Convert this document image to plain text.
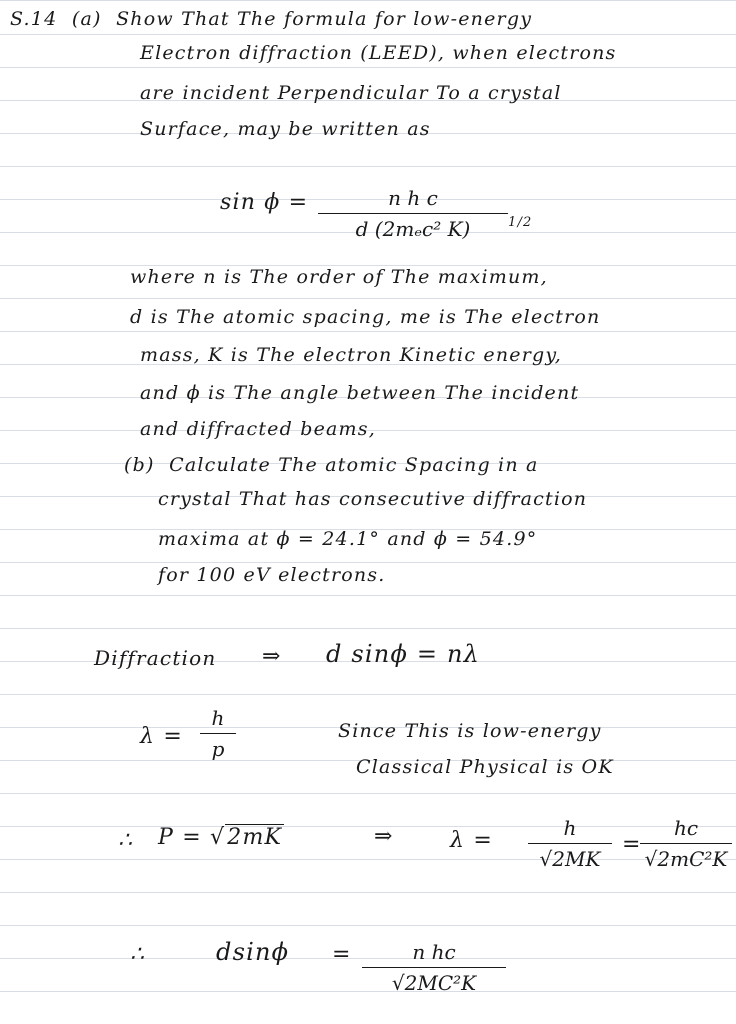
S.14 (a) Show That The formula for low-energy
Electron diffraction (LEED), when electrons
are incident Perpendicular To a crystal
Surface, may be written as
sin ϕ =	n h c
d (2mₑc² K)	1/2
where n is The order of The maximum,
d is The atomic spacing, me is The electron
mass, K is The electron Kinetic energy,
and ϕ is The angle between The incident
and diffracted beams,
(b) Calculate The atomic Spacing in a
crystal That has consecutive diffraction
maxima at ϕ = 24.1° and ϕ = 54.9°
for 100 eV electrons.
Diffraction ⇒ d sinϕ = nλ
λ =
h
p
Since This is low-energy
Classical Physical is OK
∴ P = √2mK	⇒	λ =	h
√2MK
=
hc
√2mC²K
∴	dsinϕ =	n hc
√2MC²K
